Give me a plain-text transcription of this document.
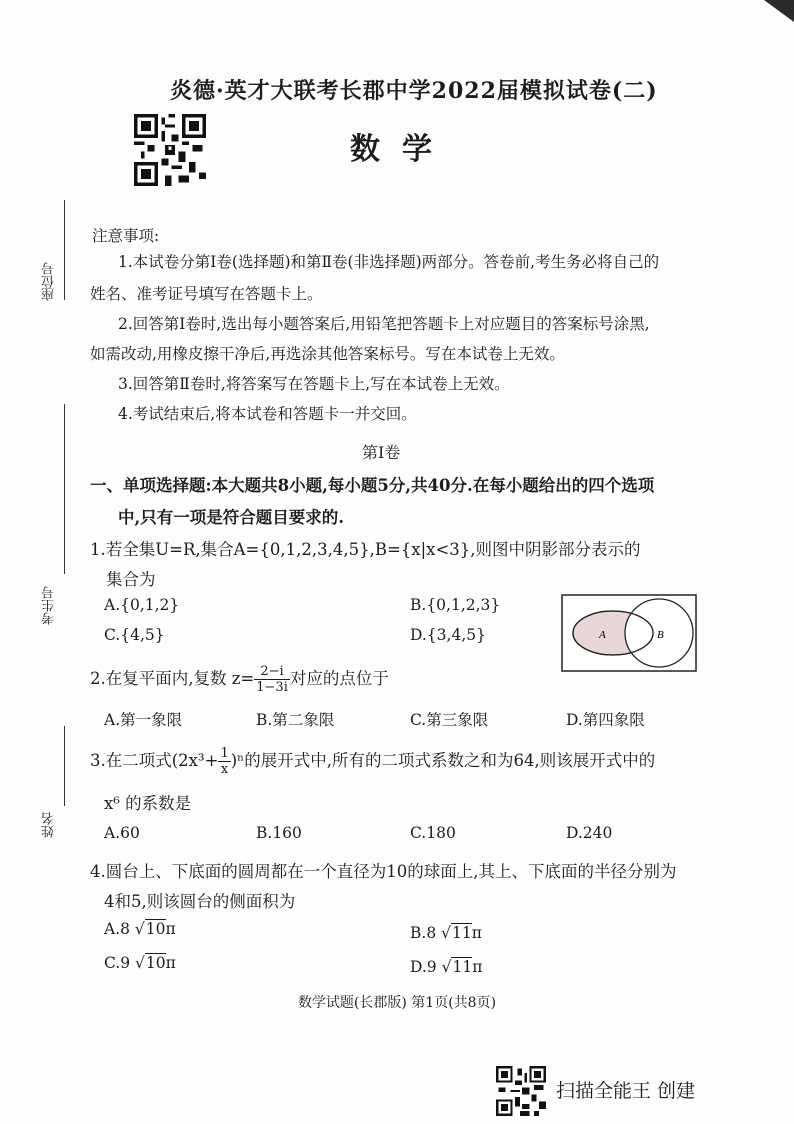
炎德·英才大联考长郡中学2022届模拟试卷(二)
数学
座位号
考生号
姓名
注意事项:
1.本试卷分第Ⅰ卷(选择题)和第Ⅱ卷(非选择题)两部分。答卷前,考生务必将自己的
姓名、准考证号填写在答题卡上。
2.回答第Ⅰ卷时,选出每小题答案后,用铅笔把答题卡上对应题目的答案标号涂黑,
如需改动,用橡皮擦干净后,再选涂其他答案标号。写在本试卷上无效。
3.回答第Ⅱ卷时,将答案写在答题卡上,写在本试卷上无效。
4.考试结束后,将本试卷和答题卡一并交回。
第Ⅰ卷
一、单项选择题:本大题共8小题,每小题5分,共40分.在每小题给出的四个选项
中,只有一项是符合题目要求的.
1.若全集U=R,集合A={0,1,2,3,4,5},B={x|x<3},则图中阴影部分表示的
集合为
A.{0,1,2}	B.{0,1,2,3}
C.{4,5}	D.{3,4,5}	A	B
2.在复平面内,复数 $z= \frac{2-i}{1-3i}$ 对应的点位于
A.第一象限	B.第二象限	C.第三象限	D.第四象限
3.在二项式$(2x^3+ \frac{1}{x} )^n$的展开式中,所有的二项式系数之和为64,则该展开式中的
x⁶ 的系数是
A.60	B.160	C.180	D.240
4.圆台上、下底面的圆周都在一个直径为10的球面上,其上、下底面的半径分别为
4和5,则该圆台的侧面积为
A.8 √10π	B.8 √11π
C.9 √10π	D.9 √11π
数学试题(长郡版) 第1页(共8页)
扫描全能王 创建
